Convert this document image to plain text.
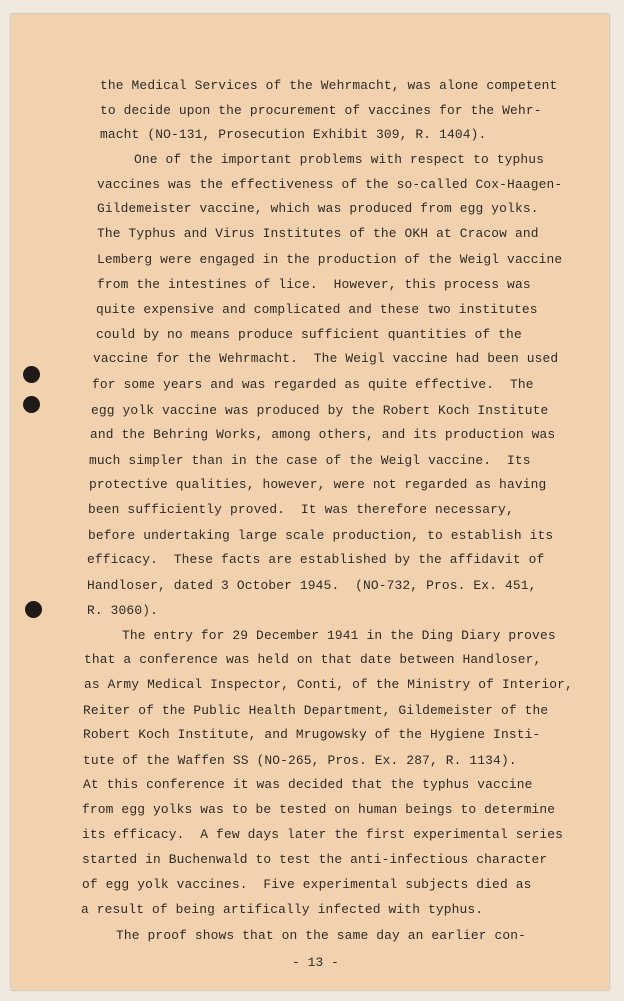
the Medical Services of the Wehrmacht, was alone competent
to decide upon the procurement of vaccines for the Wehr-
macht (NO-131, Prosecution Exhibit 309, R. 1404).
One of the important problems with respect to typhus
vaccines was the effectiveness of the so-called Cox-Haagen-
Gildemeister vaccine, which was produced from egg yolks.
The Typhus and Virus Institutes of the OKH at Cracow and
Lemberg were engaged in the production of the Weigl vaccine
from the intestines of lice.  However, this process was
quite expensive and complicated and these two institutes
could by no means produce sufficient quantities of the
vaccine for the Wehrmacht.  The Weigl vaccine had been used
for some years and was regarded as quite effective.  The
egg yolk vaccine was produced by the Robert Koch Institute
and the Behring Works, among others, and its production was
much simpler than in the case of the Weigl vaccine.  Its
protective qualities, however, were not regarded as having
been sufficiently proved.  It was therefore necessary,
before undertaking large scale production, to establish its
efficacy.  These facts are established by the affidavit of
Handloser, dated 3 October 1945.  (NO-732, Pros. Ex. 451,
R. 3060).
The entry for 29 December 1941 in the Ding Diary proves
that a conference was held on that date between Handloser,
as Army Medical Inspector, Conti, of the Ministry of Interior,
Reiter of the Public Health Department, Gildemeister of the
Robert Koch Institute, and Mrugowsky of the Hygiene Insti-
tute of the Waffen SS (NO-265, Pros. Ex. 287, R. 1134).
At this conference it was decided that the typhus vaccine
from egg yolks was to be tested on human beings to determine
its efficacy.  A few days later the first experimental series
started in Buchenwald to test the anti-infectious character
of egg yolk vaccines.  Five experimental subjects died as
a result of being artifically infected with typhus.
The proof shows that on the same day an earlier con-
- 13 -
